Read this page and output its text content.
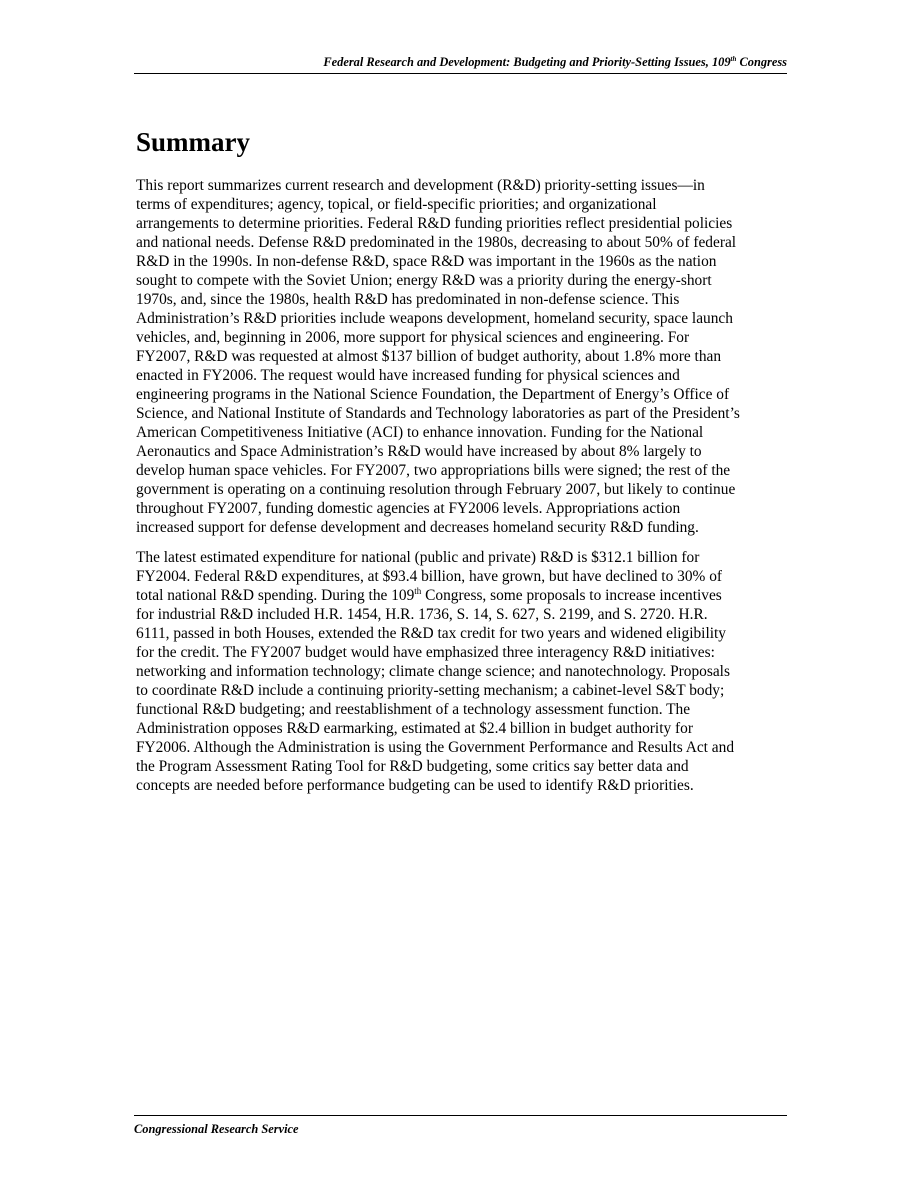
Federal Research and Development: Budgeting and Priority-Setting Issues, 109th Congress
Summary

This report summarizes current research and development (R&D) priority-setting issues—in
terms of expenditures; agency, topical, or field-specific priorities; and organizational
arrangements to determine priorities. Federal R&D funding priorities reflect presidential policies
and national needs. Defense R&D predominated in the 1980s, decreasing to about 50% of federal
R&D in the 1990s. In non-defense R&D, space R&D was important in the 1960s as the nation
sought to compete with the Soviet Union; energy R&D was a priority during the energy-short
1970s, and, since the 1980s, health R&D has predominated in non-defense science. This
Administration’s R&D priorities include weapons development, homeland security, space launch
vehicles, and, beginning in 2006, more support for physical sciences and engineering. For
FY2007, R&D was requested at almost $137 billion of budget authority, about 1.8% more than
enacted in FY2006. The request would have increased funding for physical sciences and
engineering programs in the National Science Foundation, the Department of Energy’s Office of
Science, and National Institute of Standards and Technology laboratories as part of the President’s
American Competitiveness Initiative (ACI) to enhance innovation. Funding for the National
Aeronautics and Space Administration’s R&D would have increased by about 8% largely to
develop human space vehicles. For FY2007, two appropriations bills were signed; the rest of the
government is operating on a continuing resolution through February 2007, but likely to continue
throughout FY2007, funding domestic agencies at FY2006 levels. Appropriations action
increased support for defense development and decreases homeland security R&D funding.

The latest estimated expenditure for national (public and private) R&D is $312.1 billion for
FY2004. Federal R&D expenditures, at $93.4 billion, have grown, but have declined to 30% of
total national R&D spending. During the 109th Congress, some proposals to increase incentives
for industrial R&D included H.R. 1454, H.R. 1736, S. 14, S. 627, S. 2199, and S. 2720. H.R.
6111, passed in both Houses, extended the R&D tax credit for two years and widened eligibility
for the credit. The FY2007 budget would have emphasized three interagency R&D initiatives:
networking and information technology; climate change science; and nanotechnology. Proposals
to coordinate R&D include a continuing priority-setting mechanism; a cabinet-level S&T body;
functional R&D budgeting; and reestablishment of a technology assessment function. The
Administration opposes R&D earmarking, estimated at $2.4 billion in budget authority for
FY2006. Although the Administration is using the Government Performance and Results Act and
the Program Assessment Rating Tool for R&D budgeting, some critics say better data and
concepts are needed before performance budgeting can be used to identify R&D priorities.

Congressional Research Service
